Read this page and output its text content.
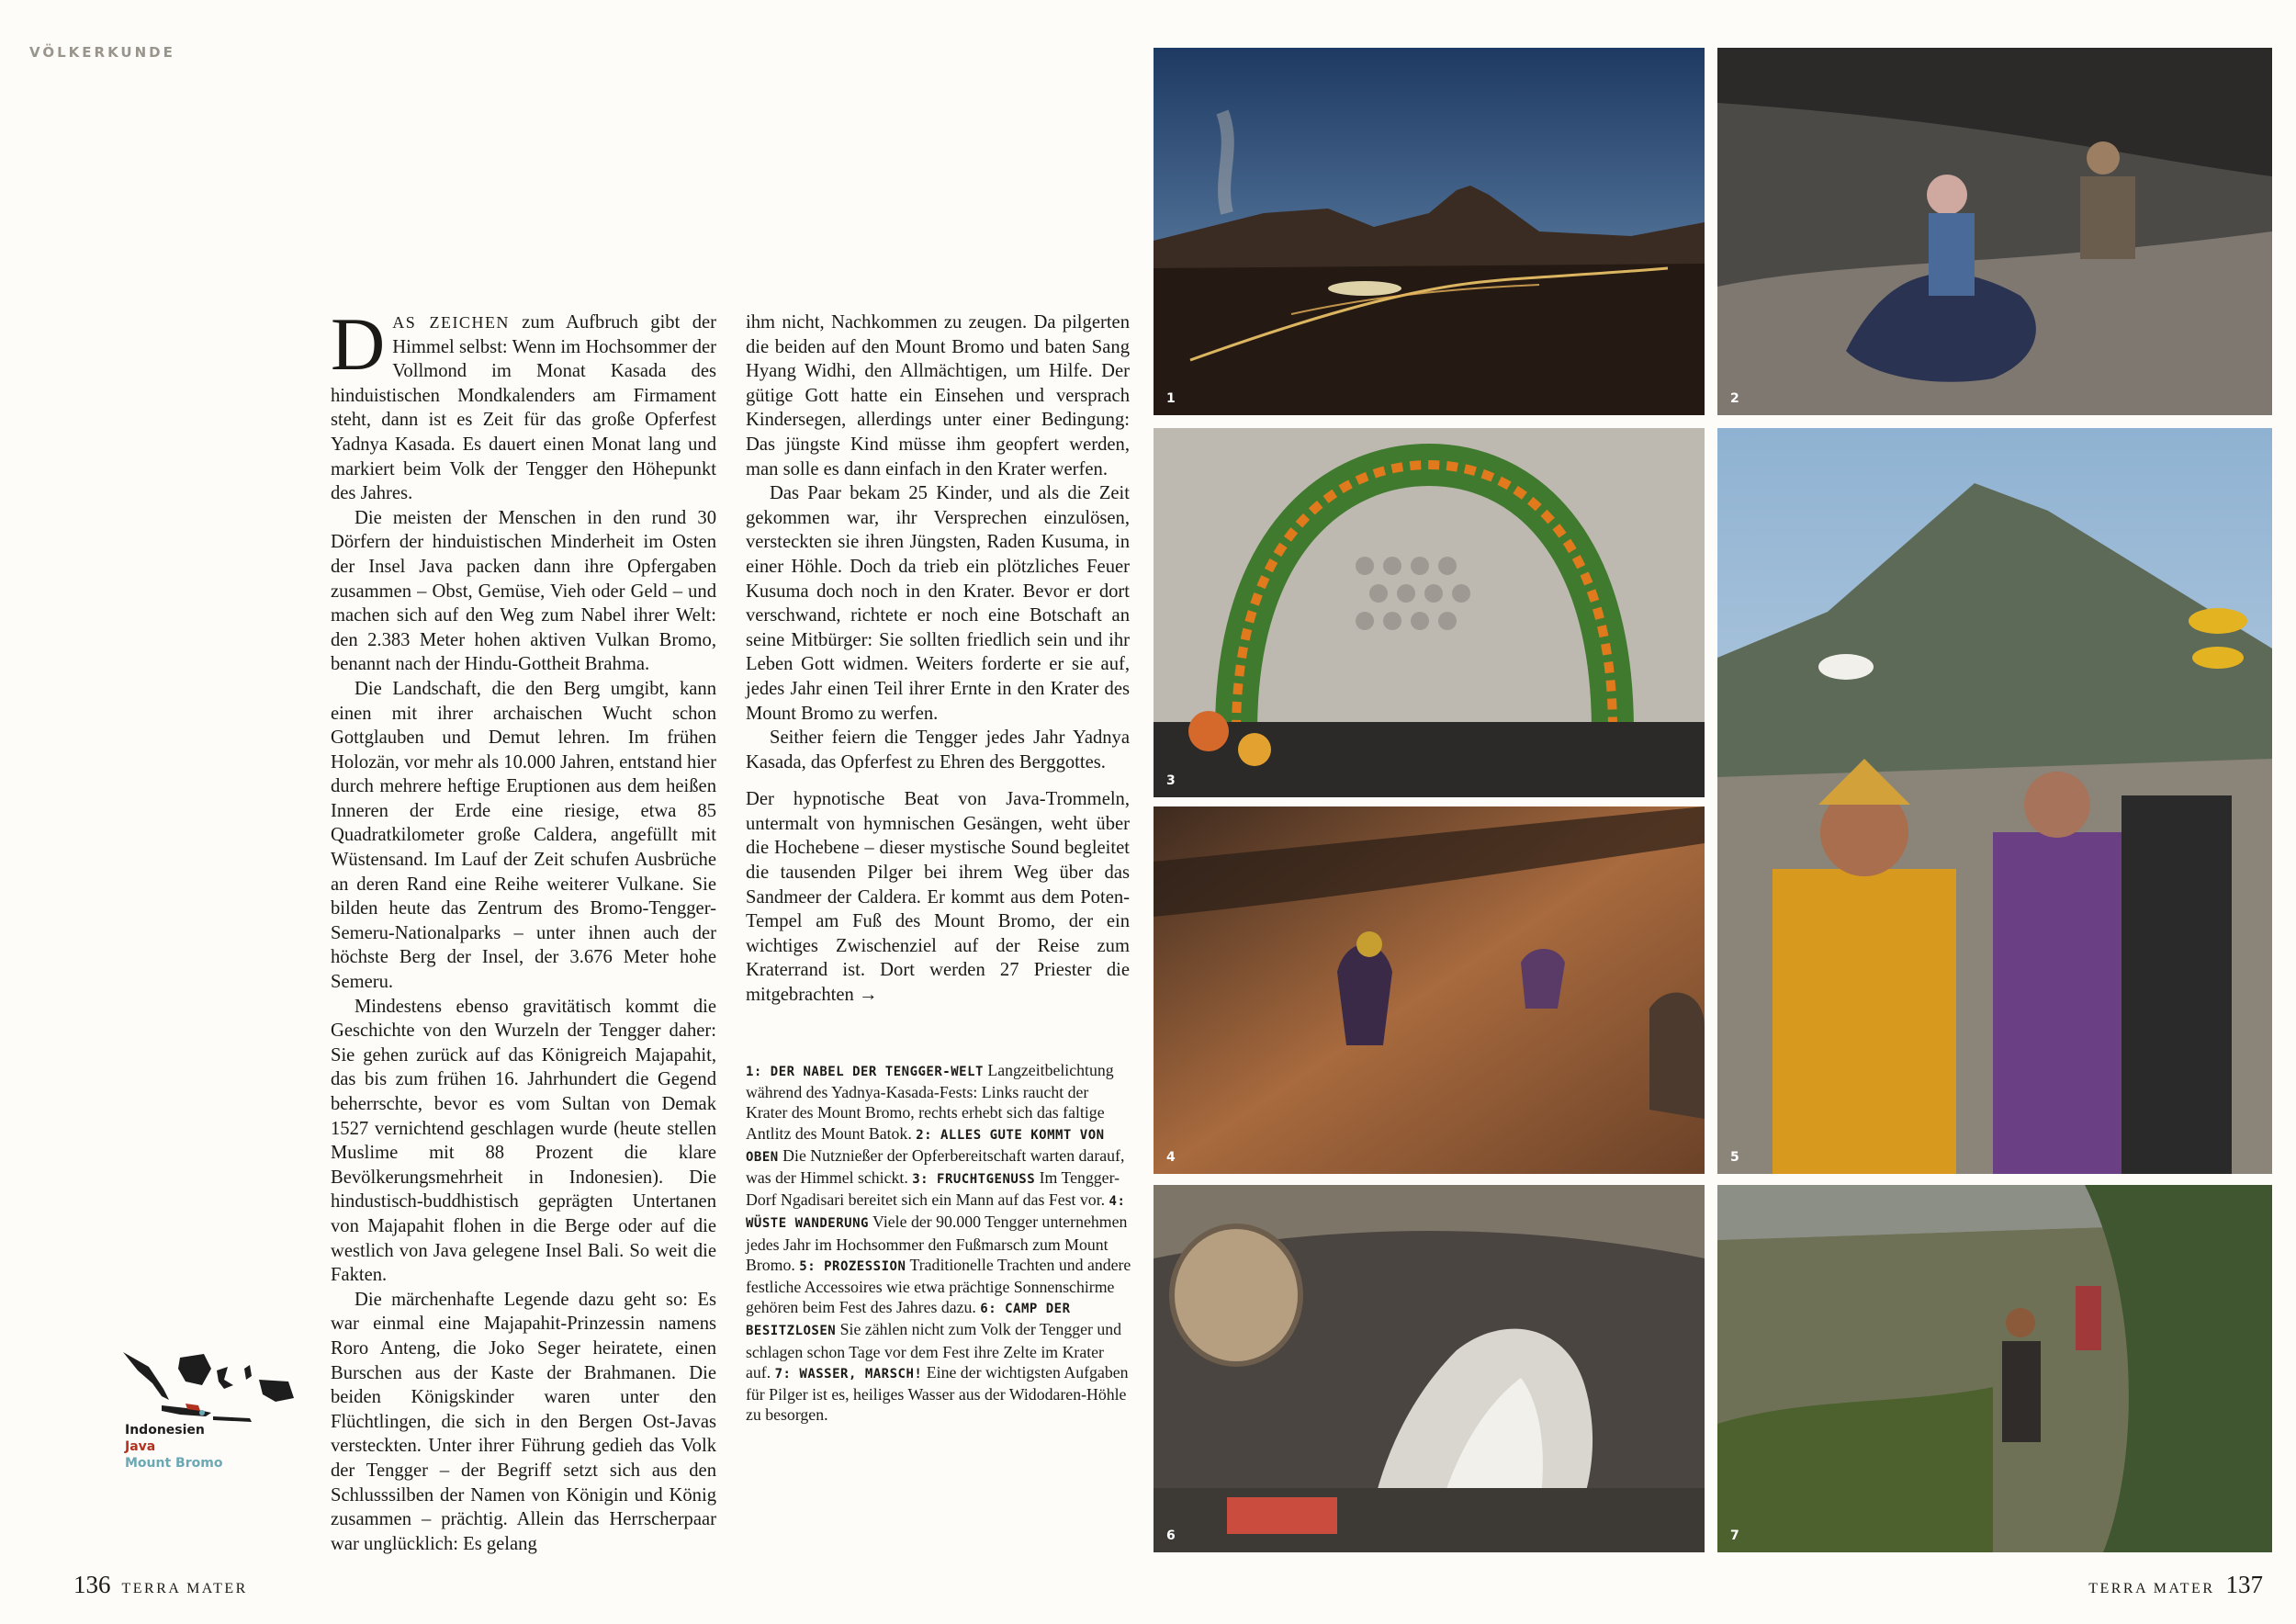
VÖLKERKUNDE

DAS ZEICHEN zum Aufbruch gibt der Himmel selbst: Wenn im Hochsommer der Vollmond im Monat Kasada des hinduistischen Mondkalenders am Firmament steht, dann ist es Zeit für das große Opferfest Yadnya Kasada. Es dauert einen Monat lang und markiert beim Volk der Tengger den Höhepunkt des Jahres.

Die meisten der Menschen in den rund 30 Dörfern der hinduistischen Minderheit im Osten der Insel Java packen dann ihre Opfergaben zusammen – Obst, Gemüse, Vieh oder Geld – und machen sich auf den Weg zum Nabel ihrer Welt: den 2.383 Meter hohen aktiven Vulkan Bromo, benannt nach der Hindu-Gottheit Brahma.

Die Landschaft, die den Berg umgibt, kann einen mit ihrer archaischen Wucht schon Gottglauben und Demut lehren. Im frühen Holozän, vor mehr als 10.000 Jahren, entstand hier durch mehrere heftige Eruptionen aus dem heißen Inneren der Erde eine riesige, etwa 85 Quadratkilometer große Caldera, angefüllt mit Wüstensand. Im Lauf der Zeit schufen Ausbrüche an deren Rand eine Reihe weiterer Vulkane. Sie bilden heute das Zentrum des Bromo-Tengger-Semeru-Nationalparks – unter ihnen auch der höchste Berg der Insel, der 3.676 Meter hohe Semeru.

Mindestens ebenso gravitätisch kommt die Geschichte von den Wurzeln der Tengger daher: Sie gehen zurück auf das Königreich Majapahit, das bis zum frühen 16. Jahrhundert die Gegend beherrschte, bevor es vom Sultan von Demak 1527 vernichtend geschlagen wurde (heute stellen Muslime mit 88 Prozent die klare Bevölkerungsmehrheit in Indonesien). Die hindustisch-buddhistisch geprägten Untertanen von Majapahit flohen in die Berge oder auf die westlich von Java gelegene Insel Bali. So weit die Fakten.

Die märchenhafte Legende dazu geht so: Es war einmal eine Majapahit-Prinzessin namens Roro Anteng, die Joko Seger heiratete, einen Burschen aus der Kaste der Brahmanen. Die beiden Königskinder waren unter den Flüchtlingen, die sich in den Bergen Ost-Javas versteckten. Unter ihrer Führung gedieh das Volk der Tengger – der Begriff setzt sich aus den Schlusssilben der Namen von Königin und König zusammen – prächtig. Allein das Herrscherpaar war unglücklich: Es gelang

ihm nicht, Nachkommen zu zeugen. Da pilgerten die beiden auf den Mount Bromo und baten Sang Hyang Widhi, den Allmächtigen, um Hilfe. Der gütige Gott hatte ein Einsehen und versprach Kindersegen, allerdings unter einer Bedingung: Das jüngste Kind müsse ihm geopfert werden, man solle es dann einfach in den Krater werfen.

Das Paar bekam 25 Kinder, und als die Zeit gekommen war, ihr Versprechen einzulösen, versteckten sie ihren Jüngsten, Raden Kusuma, in einer Höhle. Doch da trieb ein plötzliches Feuer Kusuma doch noch in den Krater. Bevor er dort verschwand, richtete er noch eine Botschaft an seine Mitbürger: Sie sollten friedlich sein und ihr Leben Gott widmen. Weiters forderte er sie auf, jedes Jahr einen Teil ihrer Ernte in den Krater des Mount Bromo zu werfen.

Seither feiern die Tengger jedes Jahr Yadnya Kasada, das Opferfest zu Ehren des Berggottes.

Der hypnotische Beat von Java-Trommeln, untermalt von hymnischen Gesängen, weht über die Hochebene – dieser mystische Sound begleitet die tausenden Pilger bei ihrem Weg über das Sandmeer der Caldera. Er kommt aus dem Poten-Tempel am Fuß des Mount Bromo, der ein wichtiges Zwischenziel auf der Reise zum Kraterrand ist. Dort werden 27 Priester die mitgebrachten →

1: DER NABEL DER TENGGER-WELT Langzeitbelichtung während des Yadnya-Kasada-Fests: Links raucht der Krater des Mount Bromo, rechts erhebt sich das faltige Antlitz des Mount Batok. 2: ALLES GUTE KOMMT VON OBEN Die Nutznießer der Opferbereitschaft warten darauf, was der Himmel schickt. 3: FRUCHTGENUSS Im Tengger-Dorf Ngadisari bereitet sich ein Mann auf das Fest vor. 4: WÜSTE WANDERUNG Viele der 90.000 Tengger unternehmen jedes Jahr im Hochsommer den Fußmarsch zum Mount Bromo. 5: PROZESSION Traditionelle Trachten und andere festliche Accessoires wie etwa prächtige Sonnenschirme gehören beim Fest des Jahres dazu. 6: CAMP DER BESITZLOSEN Sie zählen nicht zum Volk der Tengger und schlagen schon Tage vor dem Fest ihre Zelte im Krater auf. 7: WASSER, MARSCH! Eine der wichtigsten Aufgaben für Pilger ist es, heiliges Wasser aus der Widodaren-Höhle zu besorgen.
1	2
3
5
4
6	7
Indonesien
Java
Mount Bromo
136 TERRA MATER	TERRA MATER 137
